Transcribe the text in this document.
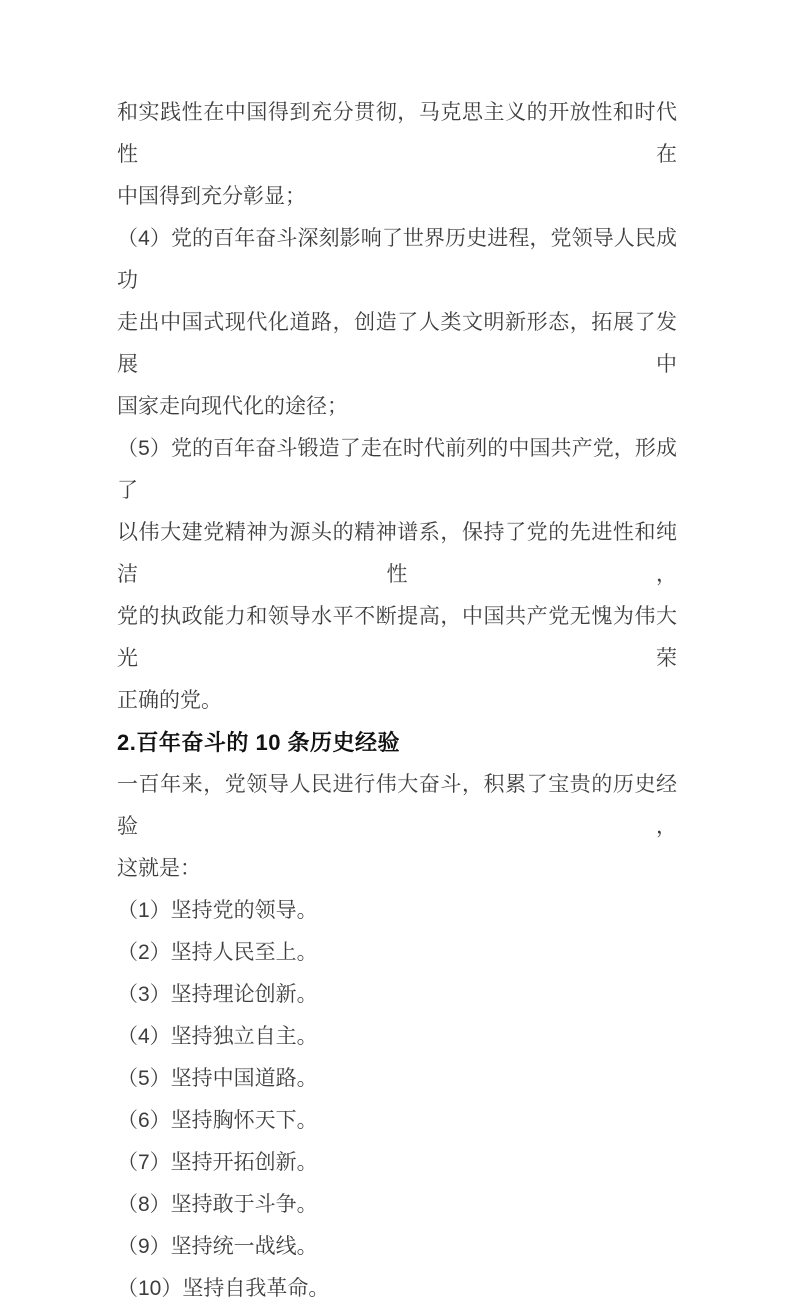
和实践性在中国得到充分贯彻，马克思主义的开放性和时代性在

中国得到充分彰显；

（4）党的百年奋斗深刻影响了世界历史进程，党领导人民成功

走出中国式现代化道路，创造了人类文明新形态，拓展了发展中

国家走向现代化的途径；

（5）党的百年奋斗锻造了走在时代前列的中国共产党，形成了

以伟大建党精神为源头的精神谱系，保持了党的先进性和纯洁性，

党的执政能力和领导水平不断提高，中国共产党无愧为伟大光荣

正确的党。

2.百年奋斗的 10 条历史经验

一百年来，党领导人民进行伟大奋斗，积累了宝贵的历史经验，

这就是：

（1）坚持党的领导。

（2）坚持人民至上。

（3）坚持理论创新。

（4）坚持独立自主。

（5）坚持中国道路。

（6）坚持胸怀天下。

（7）坚持开拓创新。

（8）坚持敢于斗争。

（9）坚持统一战线。

（10）坚持自我革命。
